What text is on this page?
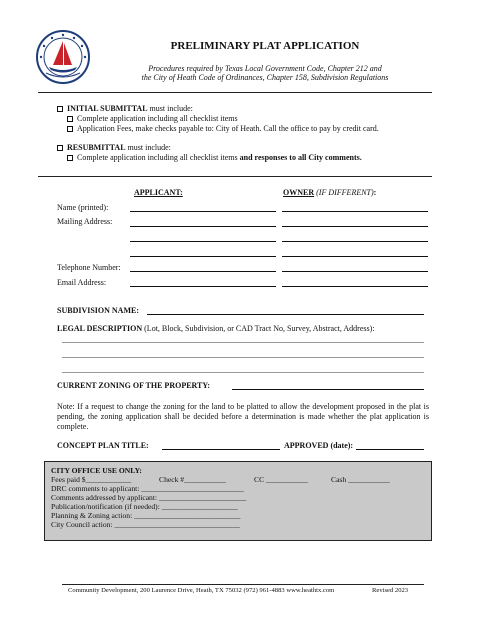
PRELIMINARY PLAT APPLICATION
Procedures required by Texas Local Government Code, Chapter 212 and
the City of Heath Code of Ordinances, Chapter 158, Subdivision Regulations
INITIAL SUBMITTAL must include:
Complete application including all checklist items
Application Fees, make checks payable to: City of Heath. Call the office to pay by credit card.
RESUBMITTAL must include:
Complete application including all checklist items and responses to all City comments.
APPLICANT:	OWNER (IF DIFFERENT):
Name (printed):
Mailing Address:
Telephone Number:
Email Address:
SUBDIVISION NAME:
LEGAL DESCRIPTION (Lot, Block, Subdivision, or CAD Tract No, Survey, Abstract, Address):
CURRENT ZONING OF THE PROPERTY:
Note: If a request to change the zoning for the land to be platted to allow the development proposed in the plat is pending, the zoning application shall be decided before a determination is made whether the plat application is complete.
CONCEPT PLAN TITLE:	APPROVED (date):
CITY OFFICE USE ONLY:
Fees paid $____________	Check #___________	CC ___________	Cash ___________
DRC comments to applicant: ___________________________
Comments addressed by applicant: _______________________
Publication/notification (if needed): ____________________
Planning & Zoning action: ____________________________
City Council action: _________________________________
Community Development, 200 Laurence Drive, Heath, TX 75032 (972) 961-4883 www.heathtx.com	Revised 2023
